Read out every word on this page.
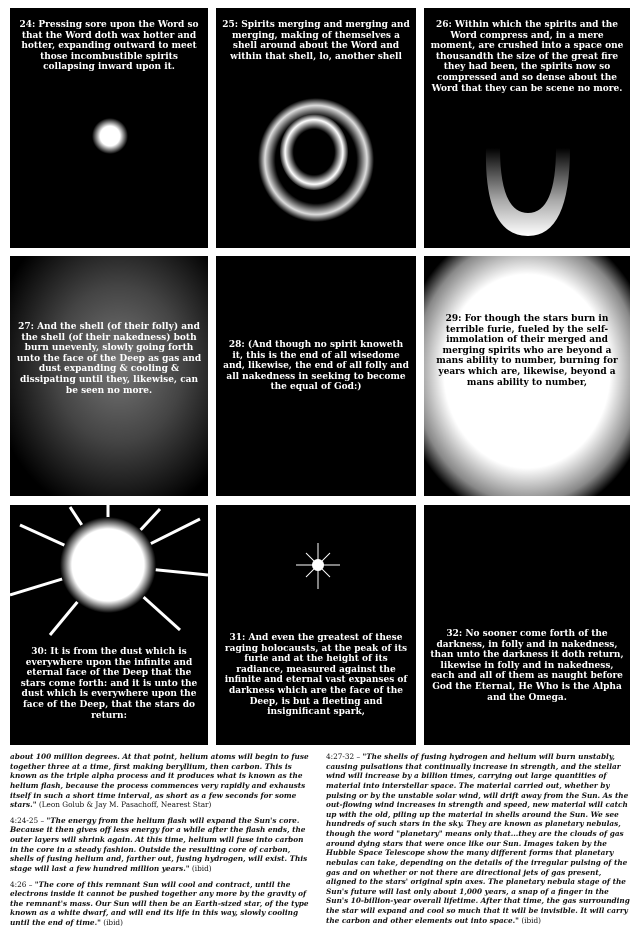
24: Pressing sore upon the Word so that the Word doth wax hotter and hotter, expanding outward to meet those incombustible spirits collapsing inward upon it.
25: Spirits merging and merging and merging, making of themselves a shell around about the Word and within that shell, lo, another shell
26: Within which the spirits and the Word compress and, in a mere moment, are crushed into a space one thousandth the size of the great fire they had been, the spirits now so compressed and so dense about the Word that they can be scene no more.
27: And the shell (of their folly) and the shell (of their nakedness) both burn unevenly, slowly going forth unto the face of the Deep as gas and dust expanding & cooling & dissipating until they, likewise, can be seen no more.
28: (And though no spirit knoweth it, this is the end of all wisedome and, likewise, the end of all folly and all nakedness in seeking to become the equal of God:)
29: For though the stars burn in terrible furie, fueled by the self-immolation of their merged and merging spirits who are beyond a mans ability to number, burning for years which are, likewise, beyond a mans ability to number,
30: It is from the dust which is everywhere upon the infinite and eternal face of the Deep that the stars come forth: and it is unto the dust which is everywhere upon the face of the Deep, that the stars do return:
31: And even the greatest of these raging holocausts, at the peak of its furie and at the height of its radiance, measured against the infinite and eternal vast expanses of darkness which are the face of the Deep, is but a fleeting and insignificant spark,
32: No sooner come forth of the darkness, in folly and in nakedness, than unto the darkness it doth return, likewise in folly and in nakedness, each and all of them as naught before God the Eternal, He Who is the Alpha and the Omega.

about 100 million degrees. At that point, helium atoms will begin to fuse together three at a time, first making beryllium, then carbon. This is known as the triple alpha process and it produces what is known as the helium flash, because the process commences very rapidly and exhausts itself in such a short time interval, as short as a few seconds for some stars." (Leon Golub & Jay M. Pasachoff, Nearest Star)

4:24-25 – "The energy from the helium flash will expand the Sun's core. Because it then gives off less energy for a while after the flash ends, the outer layers will shrink again. At this time, helium will fuse into carbon in the core in a steady fashion. Outside the resulting core of carbon, shells of fusing helium and, farther out, fusing hydrogen, will exist. This stage will last a few hundred million years." (ibid)

4:26 – "The core of this remnant Sun will cool and contract, until the electrons inside it cannot be pushed together any more by the gravity of the remnant's mass. Our Sun will then be an Earth-sized star, of the type known as a white dwarf, and will end its life in this way, slowly cooling until the end of time." (ibid)

4:27-32 – "The shells of fusing hydrogen and helium will burn unstably, causing pulsations that continually increase in strength, and the stellar wind will increase by a billion times, carrying out large quantities of material into interstellar space. The material carried out, whether by pulsing or by the unstable solar wind, will drift away from the Sun. As the out-flowing wind increases in strength and speed, new material will catch up with the old, piling up the material in shells around the Sun. We see hundreds of such stars in the sky. They are known as planetary nebulas, though the word "planetary" means only that...they are the clouds of gas around dying stars that were once like our Sun. Images taken by the Hubble Space Telescope show the many different forms that planetary nebulas can take, depending on the details of the irregular pulsing of the gas and on whether or not there are directional jets of gas present, aligned to the stars' original spin axes. The planetary nebula stage of the Sun's future will last only about 1,000 years, a snap of a finger in the Sun's 10-billion-year overall lifetime. After that time, the gas surrounding the star will expand and cool so much that it will be invisible. It will carry the carbon and other elements out into space." (ibid)
